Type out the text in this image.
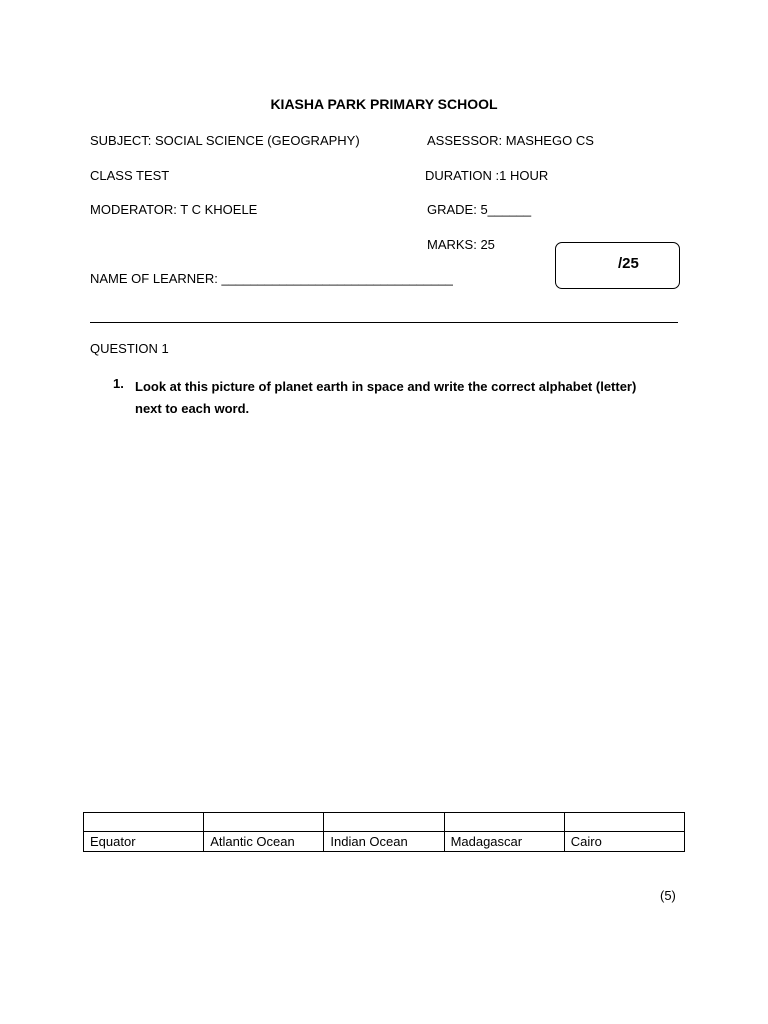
KIASHA PARK PRIMARY SCHOOL
SUBJECT: SOCIAL SCIENCE (GEOGRAPHY)	ASSESSOR: MASHEGO CS
CLASS TEST	DURATION :1 HOUR
MODERATOR: T C KHOELE	GRADE: 5______
MARKS: 25
/25
NAME OF LEARNER: ________________________________
QUESTION 1
1. Look at this picture of planet earth in space and write the correct alphabet (letter) next to each word.

Equator	Atlantic Ocean	Indian Ocean	Madagascar	Cairo
(5)
